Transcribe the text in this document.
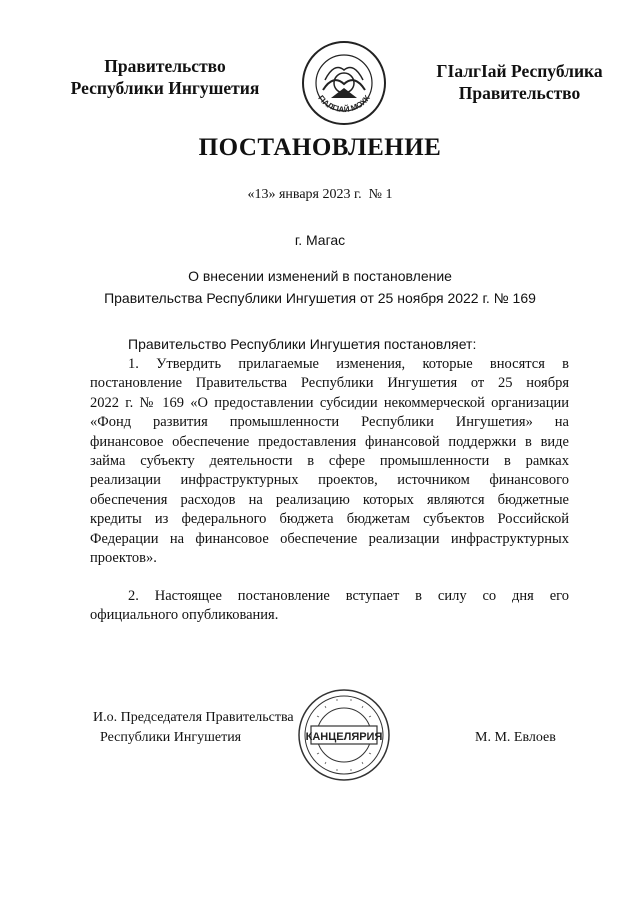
Правительство
Республики Ингушетия
ГIАЛГIАЙ МОХК
ГIалгIай Республика
Правительство
ПОСТАНОВЛЕНИЕ
«13» января 2023 г.  № 1
г. Магас
О внесении изменений в постановление
Правительства Республики Ингушетия от 25 ноября 2022 г. № 169
Правительство Республики Ингушетия постановляет:
1. Утвердить прилагаемые изменения, которые вносятся в
постановление Правительства Республики Ингушетия от 25 ноября
2022 г. № 169 «О предоставлении субсидии некоммерческой организации
«Фонд развития промышленности Республики Ингушетия» на
финансовое обеспечение предоставления финансовой поддержки в виде
займа субъекту деятельности в сфере промышленности в рамках
реализации инфраструктурных проектов, источником финансового
обеспечения расходов на реализацию которых являются бюджетные
кредиты из федерального бюджета бюджетам субъектов Российской
Федерации на финансовое обеспечение реализации инфраструктурных
проектов».
2. Настоящее постановление вступает в силу со дня его
официального опубликования.
И.о. Председателя Правительства
Республики Ингушетия	КАНЦЕЛЯРИЯ	М. М. Евлоев
